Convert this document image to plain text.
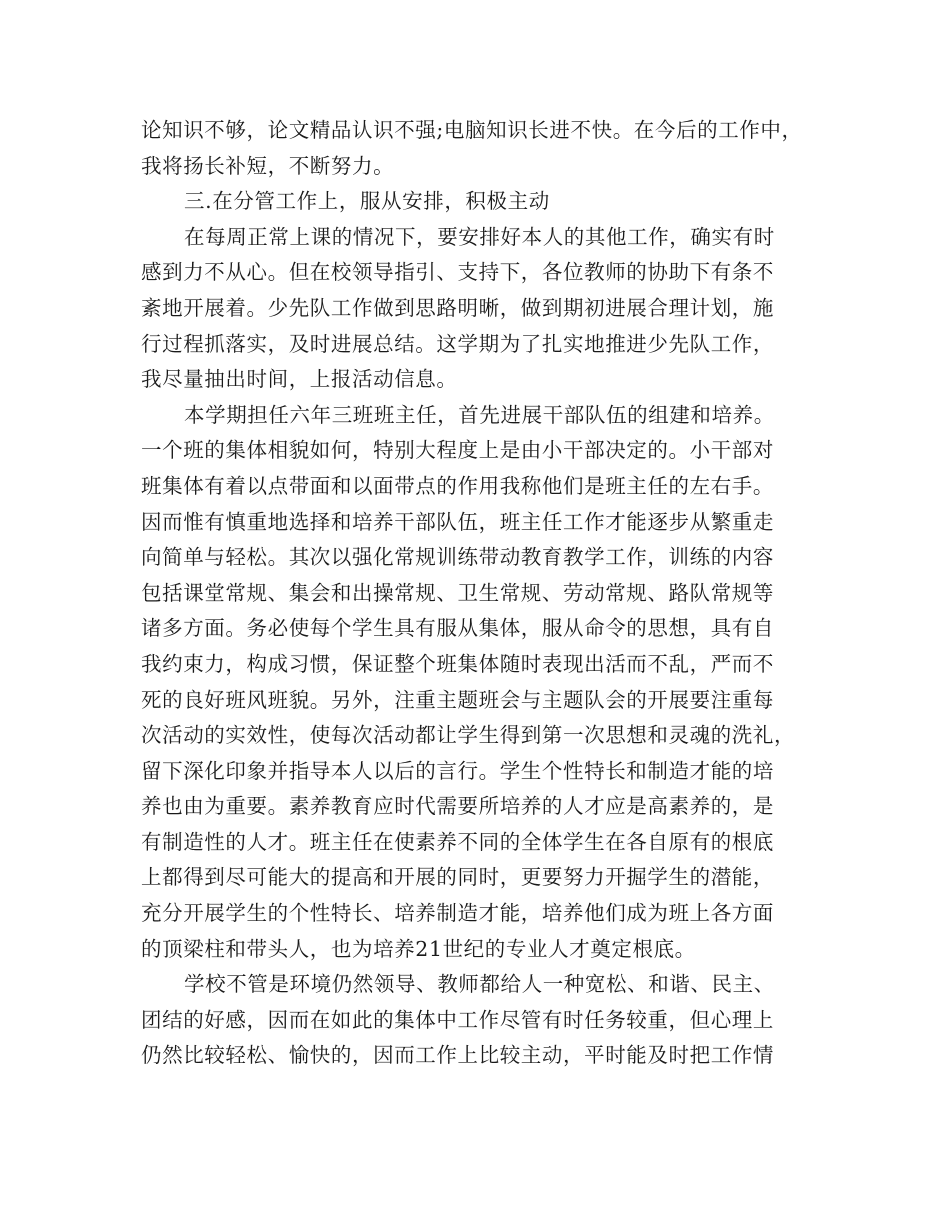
论知识不够，论文精品认识不强;电脑知识长进不快。在今后的工作中，
我将扬长补短，不断努力。
三.在分管工作上，服从安排，积极主动
在每周正常上课的情况下，要安排好本人的其他工作，确实有时
感到力不从心。但在校领导指引、支持下，各位教师的协助下有条不
紊地开展着。少先队工作做到思路明晰，做到期初进展合理计划，施
行过程抓落实，及时进展总结。这学期为了扎实地推进少先队工作，
我尽量抽出时间，上报活动信息。
本学期担任六年三班班主任，首先进展干部队伍的组建和培养。
一个班的集体相貌如何，特别大程度上是由小干部决定的。小干部对
班集体有着以点带面和以面带点的作用我称他们是班主任的左右手。
因而惟有慎重地选择和培养干部队伍，班主任工作才能逐步从繁重走
向简单与轻松。其次以强化常规训练带动教育教学工作，训练的内容
包括课堂常规、集会和出操常规、卫生常规、劳动常规、路队常规等
诸多方面。务必使每个学生具有服从集体，服从命令的思想，具有自
我约束力，构成习惯，保证整个班集体随时表现出活而不乱，严而不
死的良好班风班貌。另外，注重主题班会与主题队会的开展要注重每
次活动的实效性，使每次活动都让学生得到第一次思想和灵魂的洗礼，
留下深化印象并指导本人以后的言行。学生个性特长和制造才能的培
养也由为重要。素养教育应时代需要所培养的人才应是高素养的，是
有制造性的人才。班主任在使素养不同的全体学生在各自原有的根底
上都得到尽可能大的提高和开展的同时，更要努力开掘学生的潜能，
充分开展学生的个性特长、培养制造才能，培养他们成为班上各方面
的顶梁柱和带头人，也为培养21世纪的专业人才奠定根底。
学校不管是环境仍然领导、教师都给人一种宽松、和谐、民主、
团结的好感，因而在如此的集体中工作尽管有时任务较重，但心理上
仍然比较轻松、愉快的，因而工作上比较主动，平时能及时把工作情
